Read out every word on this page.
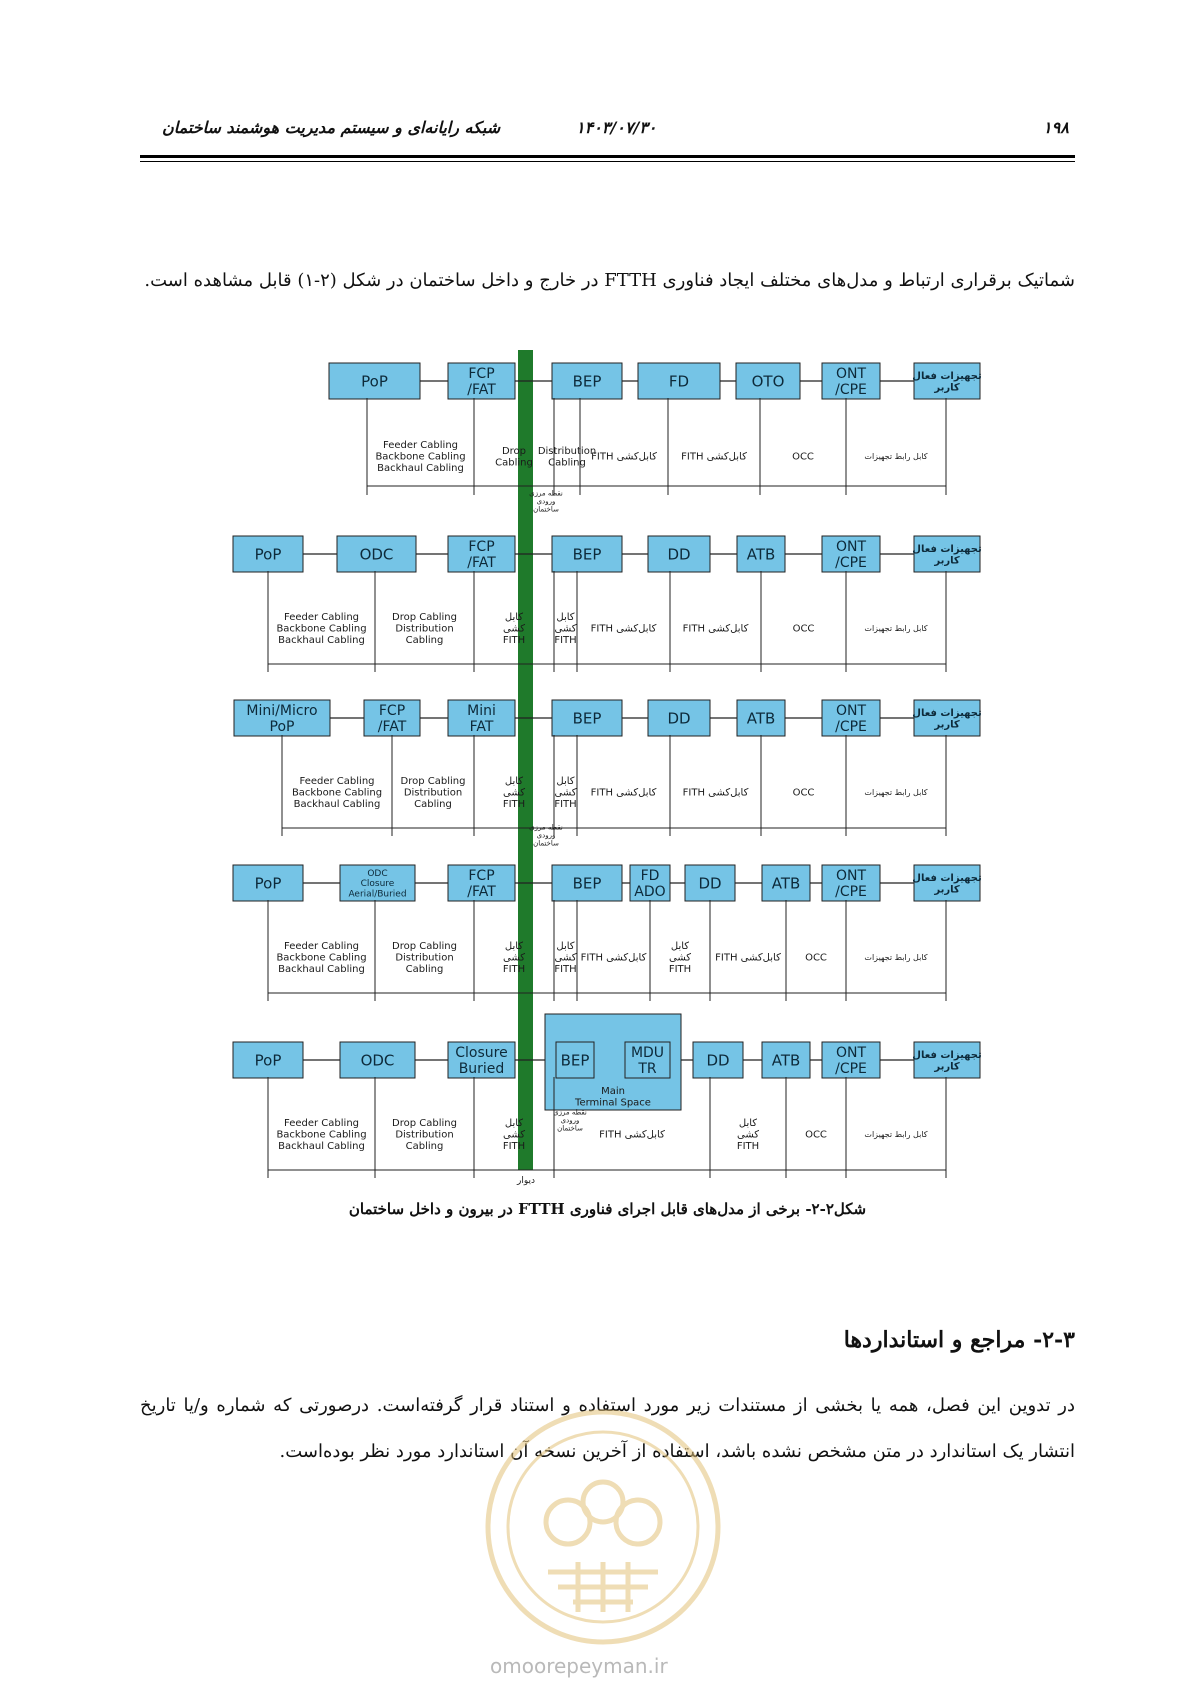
۱۹۸
۱۴۰۳/۰۷/۳۰
شبکه رایانه‌ای و سیستم مدیریت هوشمند ساختمان
شماتیک برقراری ارتباط و مدل‌های مختلف ایجاد فناوری FTTH در خارج و داخل ساختمان در شکل (۲-۱) قابل مشاهده است.
دیوار
PoP	FCP /FAT	BEP	FD	OTO	ONT /CPE
تجهیزات فعال کاربر
Feeder Cabling Backbone Cabling Backhaul Cabling
Drop Cabling
Distribution Cabling
FITH کابل‌کشی FITH کابل‌کشی	OCC	کابل رابط تجهیزات
PoP	ODC	FCP /FAT	BEP	DD	ATB	ONT /CPE
تجهیزات فعال کاربر
Feeder Cabling Backbone Cabling Backhaul Cabling
Drop Cabling Distribution Cabling
کابل کشی FITH
کابل کشی FITH
FITH کابل‌کشی	FITH کابل‌کشی	OCC	کابل رابط تجهیزات
Mini/Micro PoP
FCP /FAT
Mini FAT	BEP	DD	ATB	ONT /CPE
تجهیزات فعال کاربر
Feeder Cabling Backbone Cabling Backhaul Cabling
Drop Cabling Distribution Cabling
کابل کشی FITH
کابل کشی FITH
FITH کابل‌کشی	FITH کابل‌کشی	OCC	کابل رابط تجهیزات
PoP
ODC Closure Aerial/Buried
FCP /FAT	BEP	FD ADO DD	ATB	ONT /CPE
تجهیزات فعال کاربر
Feeder Cabling Backbone Cabling Backhaul Cabling
Drop Cabling Distribution Cabling
کابل کشی FITH
کابل کشی FITH
FITH کابل‌کشی
کابل کشی FITH
FITH کابل‌کشی OCC	کابل رابط تجهیزات
Main Terminal Space
PoP	ODC	Closure Buried	BEP	MDU TR	DD	ATB	ONT /CPE
تجهیزات فعال کاربر
Feeder Cabling Backbone Cabling Backhaul Cabling
Drop Cabling Distribution Cabling
کابل کشی FITH
FITH کابل‌کشی
کابل کشی FITH
OCC	کابل رابط تجهیزات
نقطه مرزی ورودی ساختمان
نقطه مرزی ورودی ساختمان
نقطه مرزی ورودی ساختمان
شکل۲-۲- برخی از مدل‌های قابل اجرای فناوری FTTH در بیرون و داخل ساختمان
۲-۳- مراجع و استانداردها
در تدوین این فصل، همه یا بخشی از مستندات زیر مورد استفاده و استناد قرار گرفته‌است. درصورتی که شماره و/یا تاریخ انتشار یک استاندارد در متن مشخص نشده باشد، استفاده از آخرین نسخه آن استاندارد مورد نظر بوده‌است.
omoorepeyman.ir
